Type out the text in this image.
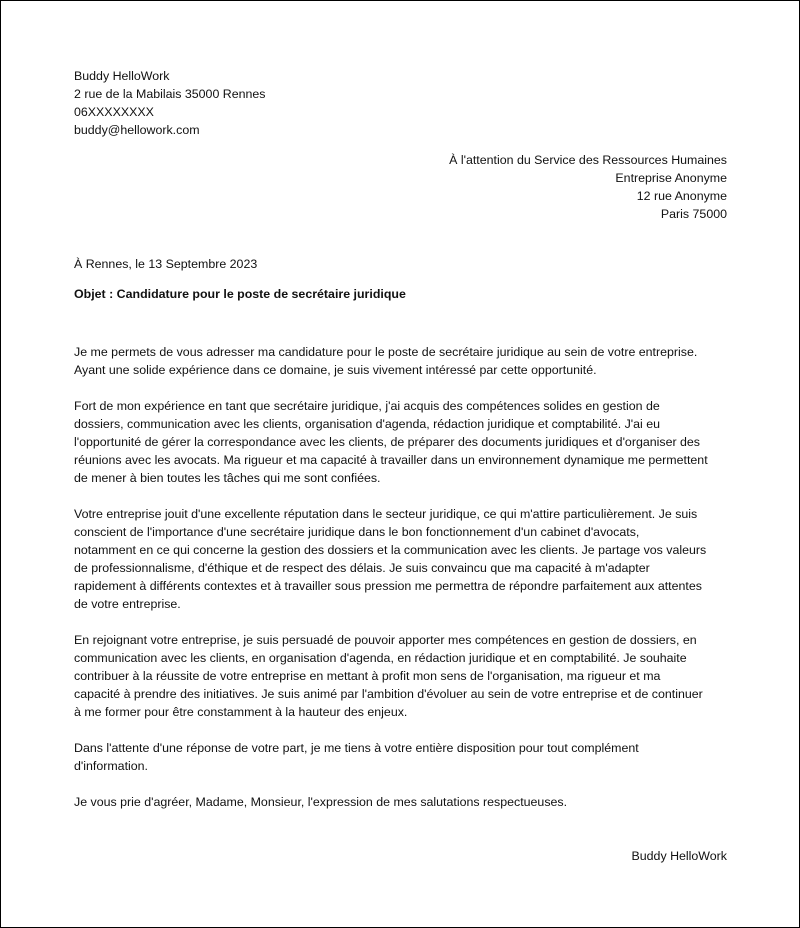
Buddy HelloWork
2 rue de la Mabilais 35000 Rennes
06XXXXXXXX
buddy@hellowork.com
À l'attention du Service des Ressources Humaines
Entreprise Anonyme
12 rue Anonyme
Paris 75000
À Rennes, le 13 Septembre 2023
Objet : Candidature pour le poste de secrétaire juridique
Je me permets de vous adresser ma candidature pour le poste de secrétaire juridique au sein de votre entreprise.
Ayant une solide expérience dans ce domaine, je suis vivement intéressé par cette opportunité.
Fort de mon expérience en tant que secrétaire juridique, j'ai acquis des compétences solides en gestion de
dossiers, communication avec les clients, organisation d'agenda, rédaction juridique et comptabilité. J'ai eu
l'opportunité de gérer la correspondance avec les clients, de préparer des documents juridiques et d'organiser des
réunions avec les avocats. Ma rigueur et ma capacité à travailler dans un environnement dynamique me permettent
de mener à bien toutes les tâches qui me sont confiées.
Votre entreprise jouit d'une excellente réputation dans le secteur juridique, ce qui m'attire particulièrement. Je suis
conscient de l'importance d'une secrétaire juridique dans le bon fonctionnement d'un cabinet d'avocats,
notamment en ce qui concerne la gestion des dossiers et la communication avec les clients. Je partage vos valeurs
de professionnalisme, d'éthique et de respect des délais. Je suis convaincu que ma capacité à m'adapter
rapidement à différents contextes et à travailler sous pression me permettra de répondre parfaitement aux attentes
de votre entreprise.
En rejoignant votre entreprise, je suis persuadé de pouvoir apporter mes compétences en gestion de dossiers, en
communication avec les clients, en organisation d'agenda, en rédaction juridique et en comptabilité. Je souhaite
contribuer à la réussite de votre entreprise en mettant à profit mon sens de l'organisation, ma rigueur et ma
capacité à prendre des initiatives. Je suis animé par l'ambition d'évoluer au sein de votre entreprise et de continuer
à me former pour être constamment à la hauteur des enjeux.
Dans l'attente d'une réponse de votre part, je me tiens à votre entière disposition pour tout complément
d'information.
Je vous prie d'agréer, Madame, Monsieur, l'expression de mes salutations respectueuses.
Buddy HelloWork
